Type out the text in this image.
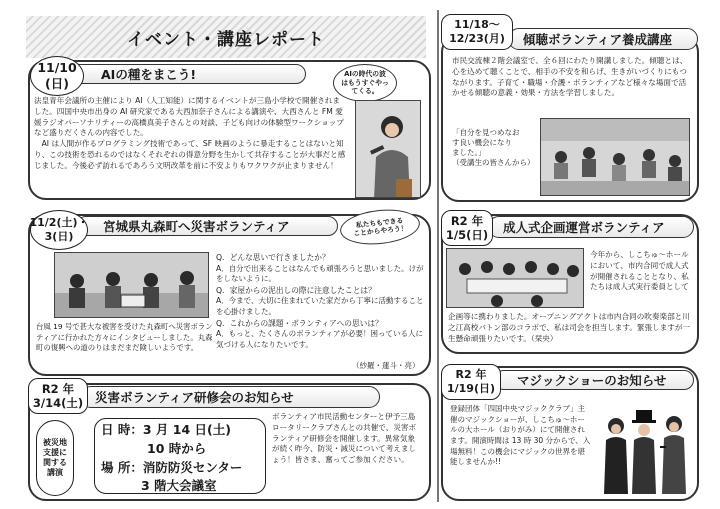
イベント・講座レポート
AIの種をまこう!
11/10
(日)
法皇青年会議所の主催により AI（人工知能）に関するイベントが三島小学校で開催されました。四国中央市出身の AI 研究家である大西加奈子さんによる講演や、大西さんと FM 愛媛ラジオパーソナリティーの高橋真美子さんとの対談、子ども向けの体験型ワークショップなど盛りだくさんの内容でした。
　AI は人間が作るプログラミング技術であって、SF 映画のように暴走することはないと知り、この技術を恐れるのではなくそれぞれの得意分野を生かして共存することが大事だと感じました。今後必ず訪れるであろう文明改革を前に不安よりもワクワクが止まりません！
AIの時代の波
はもうすぐやっ
てくる。
宮城県丸森町へ災害ボランティア
11/2(土)・
3(日)
私たちもできる
ことからやろう！
台風 19 号で甚大な被害を受けた丸森町へ災害ボランティアに行かれた方々にインタビューしました。丸森町の復興への道のりはまだまだ険しいようです。
Q．どんな思いで行きましたか？
A．自分で出来ることはなんでも頑張ろうと思いました。けがをしないように。
Q．家屋からの泥出しの際に注意したことは？
A．今まで、大切に住まれていた家だから丁寧に活動することを心掛けました。
Q．これからの課題・ボランティアへの思いは？
A．もっと、たくさんのボランティアが必要！困っている人に気づける人になりたいです。
（紗羅・蓮斗・亮）
災害ボランティア研修会のお知らせ
R2 年
3/14(土)
被災地
支援に
関する
講演
日 時：3 月 14 日(土)
10 時から
場 所：消防防災センター
3 階大会議室
ボランティア市民活動センターと伊予三島ロータリークラブさんとの共催で、災害ボランティア研修会を開催します。異常気象が続く昨今、防災・減災について考えましょう！皆さま、奮ってご参加ください。
傾聴ボランティア養成講座
11/18～
12/23(月)
市民交流棟２階会議室で、全６回にわたり開講しました。傾聴とは、心を込めて聴くことで、相手の不安を和らげ、生きがいづくりにもつながります。子育て・職場・介護・ボランティアなど様々な場面で活かせる傾聴の意義・効果・方法を学習しました。
「自分を見つめなお
す良い機会になり
ました。」
（受講生の皆さんから）
成人式企画運営ボランティア
R2 年
1/5(日)
今年から、しこちゅ～ホールにおいて、市内合同で成人式が開催されることとなり、私たちは成人式実行委員として
企画等に携わりました。オープニングアクトは市内合同の吹奏楽部と川之江高校バトン部のコラボで、私は司会を担当します。緊張しますが一生懸命頑張りたいです。（栞央）
マジックショーのお知らせ
R2 年
1/19(日)
登録団体「四国中央マジッククラブ」主催のマジックショーが、しこちゅ～ホールの大ホール（おりがみ）にて開催されます。開演時間は 13 時 30 分からで、入場無料！この機会にマジックの世界を堪能しませんか!!
